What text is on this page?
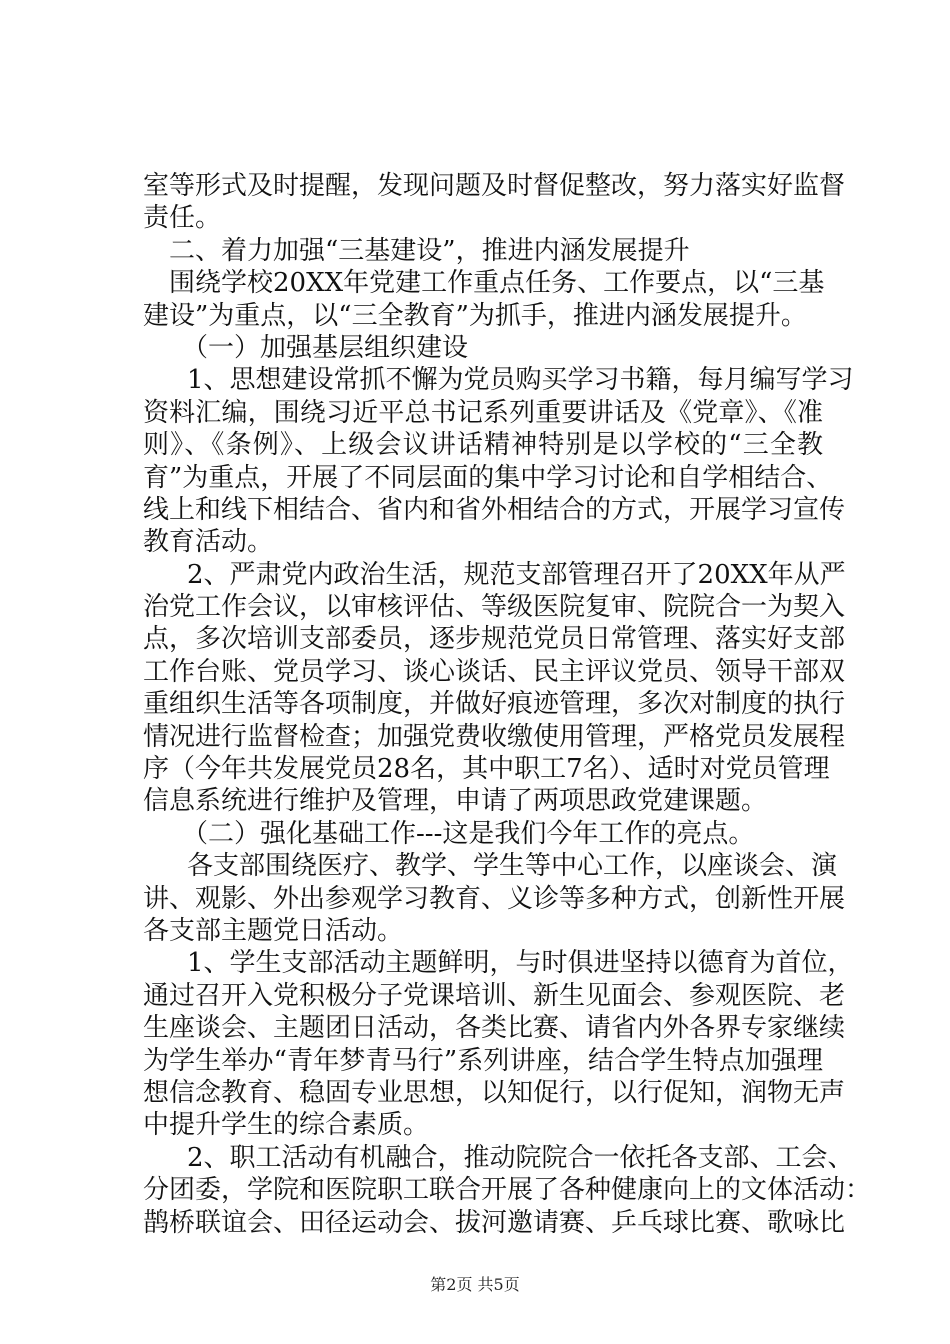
室等形式及时提醒，发现问题及时督促整改，努力落实好监督
责任。
二、着力加强“三基建设”，推进内涵发展提升
围绕学校20XX年党建工作重点任务、工作要点，以“三基
建设”为重点，以“三全教育”为抓手，推进内涵发展提升。
（一）加强基层组织建设
1、思想建设常抓不懈为党员购买学习书籍，每月编写学习
资料汇编，围绕习近平总书记系列重要讲话及《党章》、《准
则》、《条例》、上级会议讲话精神特别是以学校的“三全教
育”为重点，开展了不同层面的集中学习讨论和自学相结合、
线上和线下相结合、省内和省外相结合的方式，开展学习宣传
教育活动。
2、严肃党内政治生活，规范支部管理召开了20XX年从严
治党工作会议，以审核评估、等级医院复审、院院合一为契入
点，多次培训支部委员，逐步规范党员日常管理、落实好支部
工作台账、党员学习、谈心谈话、民主评议党员、领导干部双
重组织生活等各项制度，并做好痕迹管理，多次对制度的执行
情况进行监督检查；加强党费收缴使用管理，严格党员发展程
序（今年共发展党员28名，其中职工7名）、适时对党员管理
信息系统进行维护及管理，申请了两项思政党建课题。
（二）强化基础工作---这是我们今年工作的亮点。
各支部围绕医疗、教学、学生等中心工作，以座谈会、演
讲、观影、外出参观学习教育、义诊等多种方式，创新性开展
各支部主题党日活动。
1、学生支部活动主题鲜明，与时俱进坚持以德育为首位，
通过召开入党积极分子党课培训、新生见面会、参观医院、老
生座谈会、主题团日活动，各类比赛、请省内外各界专家继续
为学生举办“青年梦青马行”系列讲座，结合学生特点加强理
想信念教育、稳固专业思想，以知促行，以行促知，润物无声
中提升学生的综合素质。
2、职工活动有机融合，推动院院合一依托各支部、工会、
分团委，学院和医院职工联合开展了各种健康向上的文体活动：
鹊桥联谊会、田径运动会、拔河邀请赛、乒乓球比赛、歌咏比
第2页 共5页
